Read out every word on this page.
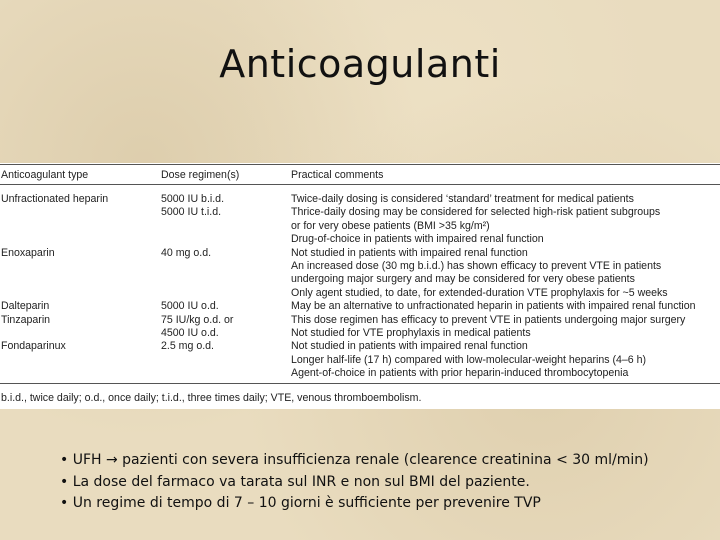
Anticoagulanti
Anticoagulant type	Dose regimen(s)	Practical comments
Unfractionated heparin	5000 IU b.i.d.	Twice-daily dosing is considered ‘standard’ treatment for medical patients
5000 IU t.i.d.	Thrice-daily dosing may be considered for selected high-risk patient subgroups
or for very obese patients (BMI >35 kg/m²)
Drug-of-choice in patients with impaired renal function
Enoxaparin	40 mg o.d.	Not studied in patients with impaired renal function
An increased dose (30 mg b.i.d.) has shown efficacy to prevent VTE in patients
undergoing major surgery and may be considered for very obese patients
Only agent studied, to date, for extended-duration VTE prophylaxis for ~5 weeks
Dalteparin	5000 IU o.d.	May be an alternative to unfractionated heparin in patients with impaired renal function
Tinzaparin	75 IU/kg o.d. or	This dose regimen has efficacy to prevent VTE in patients undergoing major surgery
4500 IU o.d.	Not studied for VTE prophylaxis in medical patients
Fondaparinux	2.5 mg o.d.	Not studied in patients with impaired renal function
Longer half-life (17 h) compared with low-molecular-weight heparins (4–6 h)
Agent-of-choice in patients with prior heparin-induced thrombocytopenia
b.i.d., twice daily; o.d., once daily; t.i.d., three times daily; VTE, venous thromboembolism.
• UFH → pazienti con severa insufficienza renale (clearence creatinina < 30 ml/min)
• La dose del farmaco va tarata sul INR e non sul BMI del paziente.
• Un regime di tempo di 7 – 10 giorni è sufficiente per prevenire TVP
